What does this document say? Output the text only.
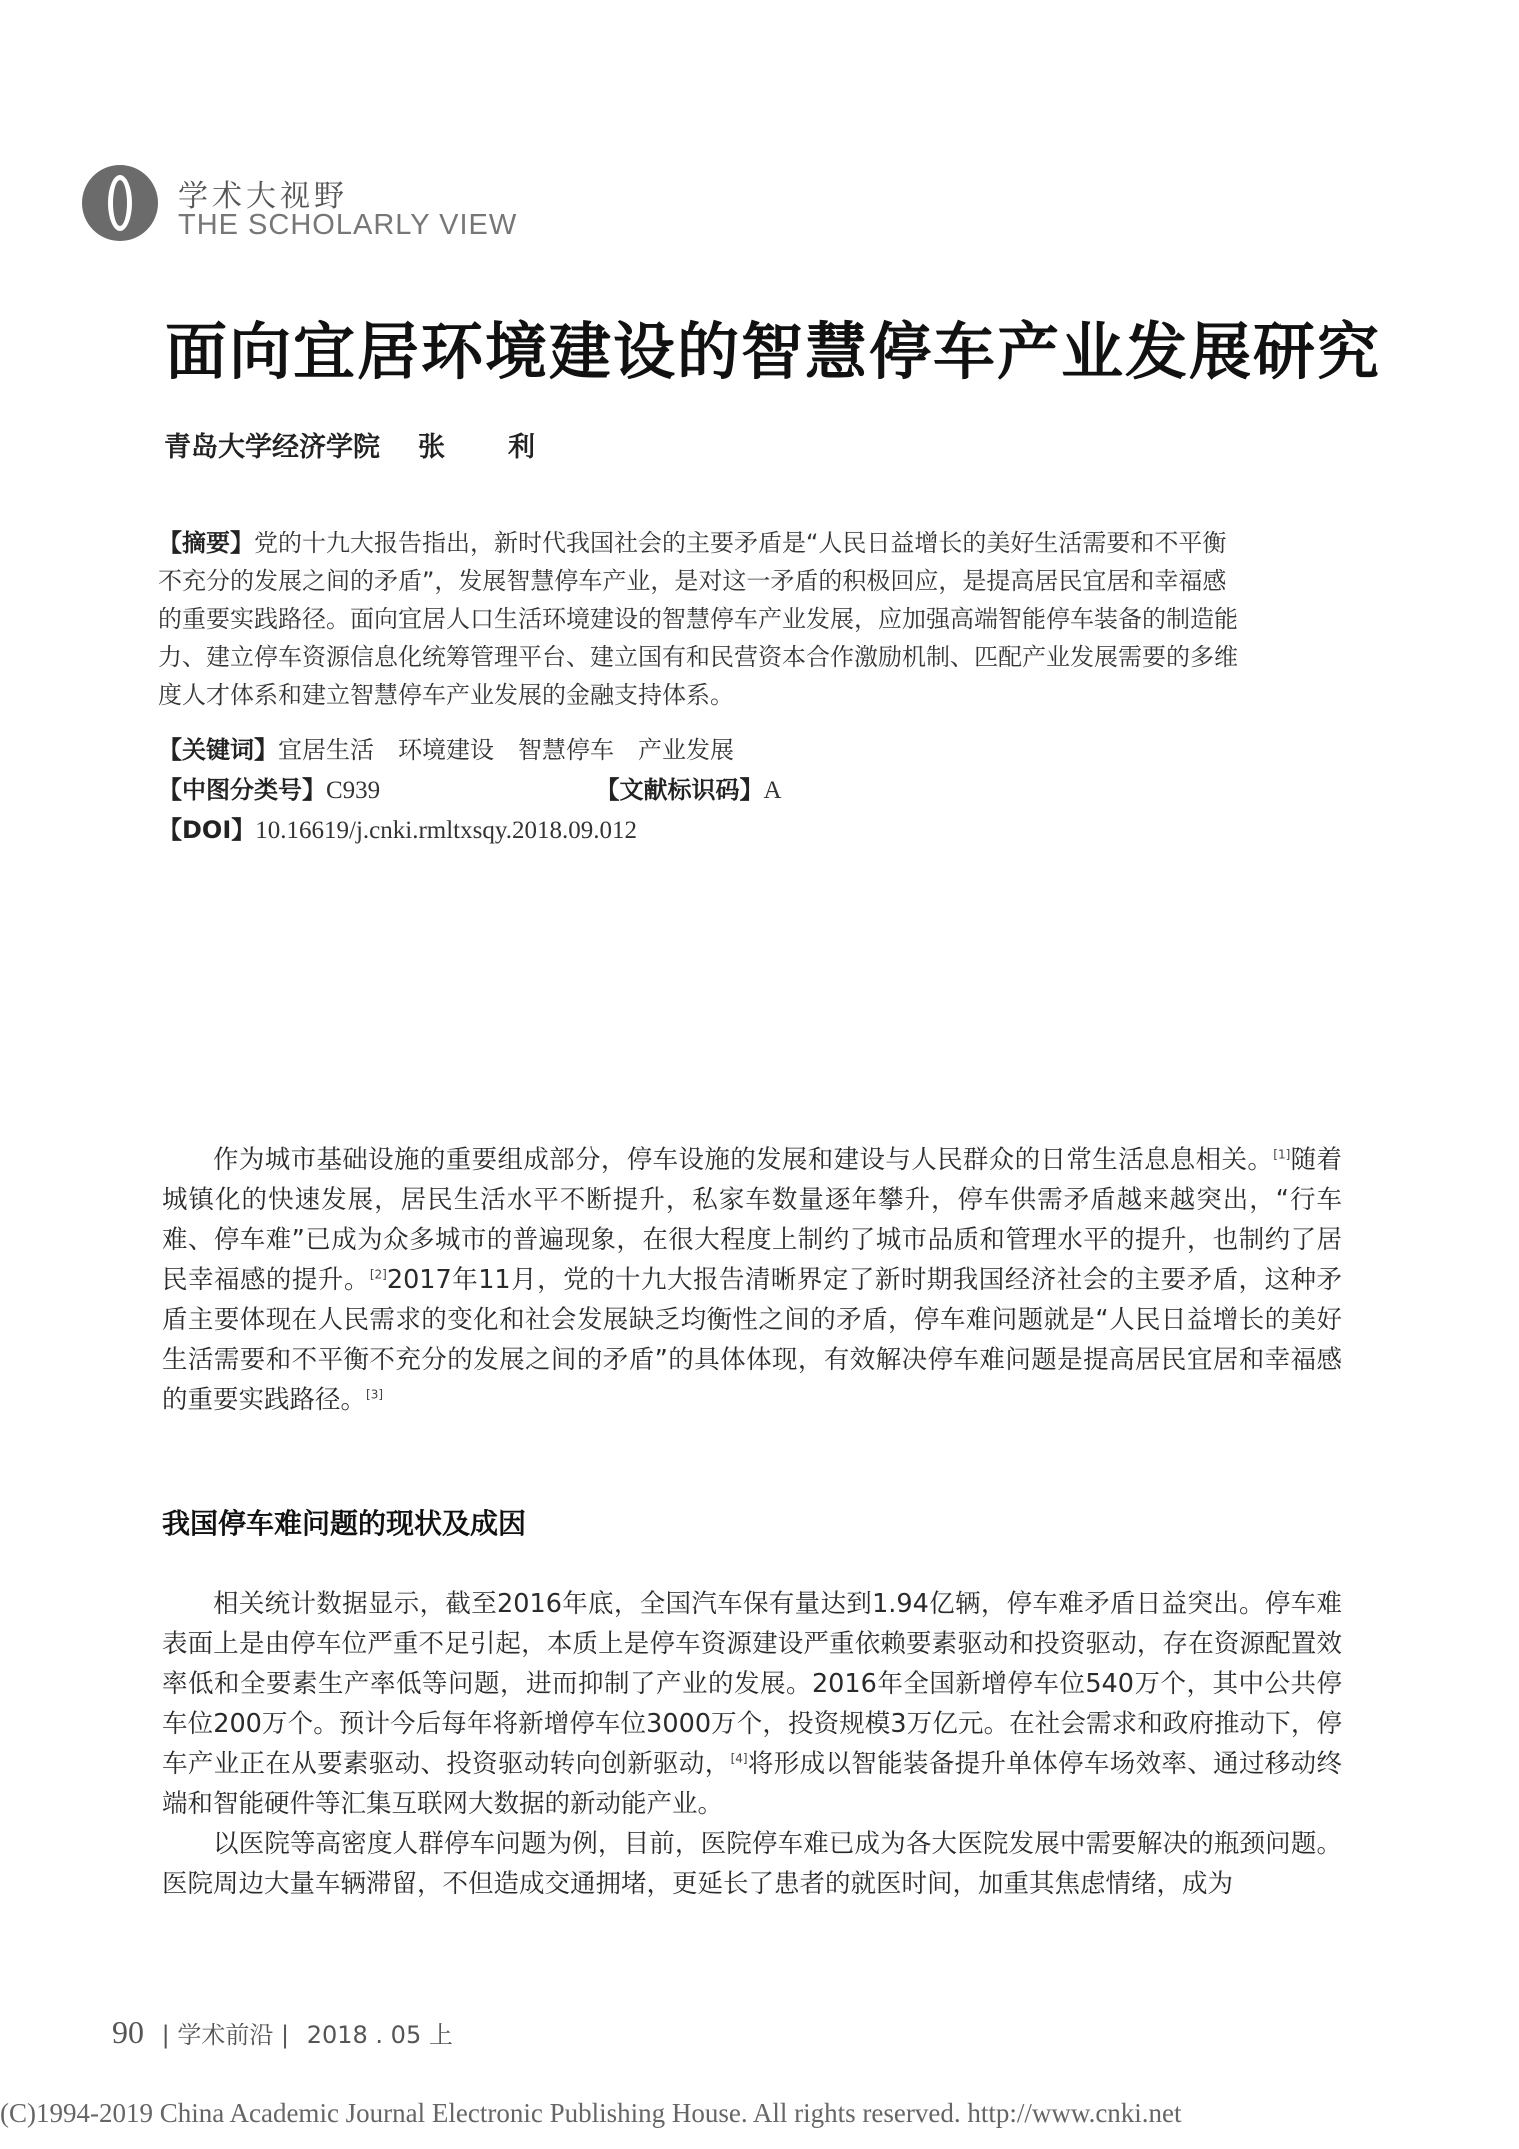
学术大视野
THE SCHOLARLY VIEW
面向宜居环境建设的智慧停车产业发展研究
青岛大学经济学院 张　利
【摘要】党的十九大报告指出，新时代我国社会的主要矛盾是“人民日益增长的美好生活需要和不平衡不充分的发展之间的矛盾”，发展智慧停车产业，是对这一矛盾的积极回应，是提高居民宜居和幸福感的重要实践路径。面向宜居人口生活环境建设的智慧停车产业发展，应加强高端智能停车装备的制造能力、建立停车资源信息化统筹管理平台、建立国有和民营资本合作激励机制、匹配产业发展需要的多维度人才体系和建立智慧停车产业发展的金融支持体系。
【关键词】宜居生活　环境建设　智慧停车　产业发展
【中图分类号】C939	【文献标识码】A
【DOI】10.16619/j.cnki.rmltxsqy.2018.09.012

作为城市基础设施的重要组成部分，停车设施的发展和建设与人民群众的日常生活息息相关。[1]随着城镇化的快速发展，居民生活水平不断提升，私家车数量逐年攀升，停车供需矛盾越来越突出，“行车难、停车难”已成为众多城市的普遍现象，在很大程度上制约了城市品质和管理水平的提升，也制约了居民幸福感的提升。[2]2017年11月，党的十九大报告清晰界定了新时期我国经济社会的主要矛盾，这种矛盾主要体现在人民需求的变化和社会发展缺乏均衡性之间的矛盾，停车难问题就是“人民日益增长的美好生活需要和不平衡不充分的发展之间的矛盾”的具体体现，有效解决停车难问题是提高居民宜居和幸福感的重要实践路径。[3]

我国停车难问题的现状及成因

相关统计数据显示，截至2016年底，全国汽车保有量达到1.94亿辆，停车难矛盾日益突出。停车难表面上是由停车位严重不足引起，本质上是停车资源建设严重依赖要素驱动和投资驱动，存在资源配置效率低和全要素生产率低等问题，进而抑制了产业的发展。2016年全国新增停车位540万个，其中公共停车位200万个。预计今后每年将新增停车位3000万个，投资规模3万亿元。在社会需求和政府推动下，停车产业正在从要素驱动、投资驱动转向创新驱动，[4]将形成以智能装备提升单体停车场效率、通过移动终端和智能硬件等汇集互联网大数据的新动能产业。

以医院等高密度人群停车问题为例，目前，医院停车难已成为各大医院发展中需要解决的瓶颈问题。医院周边大量车辆滞留，不但造成交通拥堵，更延长了患者的就医时间，加重其焦虑情绪，成为

90 | 学术前沿 | 2018 . 05 上
(C)1994-2019 China Academic Journal Electronic Publishing House. All rights reserved. http://www.cnki.net
